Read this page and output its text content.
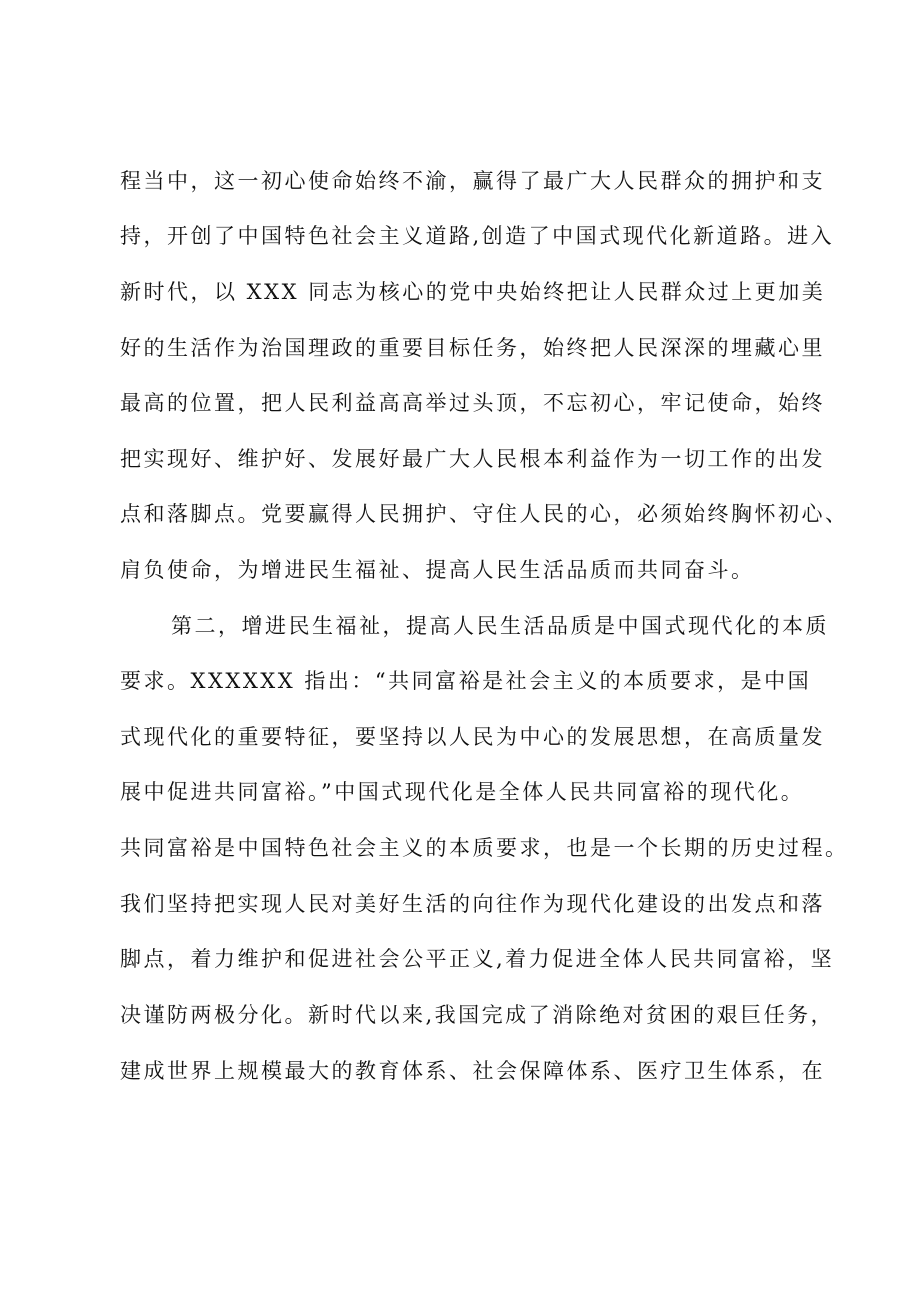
程当中，这一初心使命始终不渝，赢得了最广大人民群众的拥护和支
持，开创了中国特色社会主义道路,创造了中国式现代化新道路。进入
新时代，以 XXX 同志为核心的党中央始终把让人民群众过上更加美
好的生活作为治国理政的重要目标任务，始终把人民深深的埋藏心里
最高的位置，把人民利益高高举过头顶，不忘初心，牢记使命，始终
把实现好、维护好、发展好最广大人民根本利益作为一切工作的出发
点和落脚点。党要赢得人民拥护、守住人民的心，必须始终胸怀初心、
肩负使命，为增进民生福祉、提高人民生活品质而共同奋斗。
第二，增进民生福祉，提高人民生活品质是中国式现代化的本质
要求。XXXXXX 指出：“共同富裕是社会主义的本质要求，是中国
式现代化的重要特征，要坚持以人民为中心的发展思想，在高质量发
展中促进共同富裕。”中国式现代化是全体人民共同富裕的现代化。
共同富裕是中国特色社会主义的本质要求，也是一个长期的历史过程。
我们坚持把实现人民对美好生活的向往作为现代化建设的出发点和落
脚点，着力维护和促进社会公平正义,着力促进全体人民共同富裕，坚
决谨防两极分化。新时代以来,我国完成了消除绝对贫困的艰巨任务，
建成世界上规模最大的教育体系、社会保障体系、医疗卫生体系，在
